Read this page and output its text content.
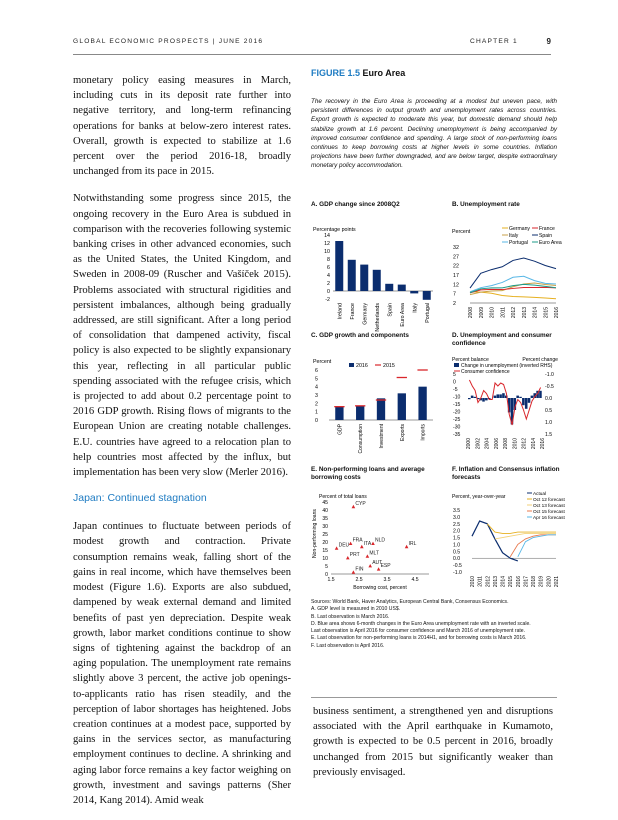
GLOBAL ECONOMIC PROSPECTS | JUNE 2016	CHAPTER 1	9

monetary policy easing measures in March, including cuts in its deposit rate further into negative territory, and long-term refinancing operations for banks at below-zero interest rates. Overall, growth is expected to stabilize at 1.6 percent over the period 2016-18, broadly unchanged from its pace in 2015.

Notwithstanding some progress since 2015, the ongoing recovery in the Euro Area is subdued in comparison with the recoveries following systemic banking crises in other advanced economies, such as the United States, the United Kingdom, and Sweden in 2008-09 (Ruscher and Vašíček 2015). Problems associated with structural rigidities and persistent imbalances, although being gradually addressed, are still significant. After a long period of consolidation that dampened activity, fiscal policy is also expected to be slightly expansionary this year, reflecting in all particular public spending associated with the refugee crisis, which is projected to add about 0.2 percentage point to 2016 GDP growth. Rising flows of migrants to the European Union are creating notable challenges. E.U. countries have agreed to a relocation plan to help countries most affected by the influx, but implementation has been very slow (Merler 2016).

Japan: Continued stagnation

Japan continues to fluctuate between periods of modest growth and contraction. Private consumption remains weak, falling short of the gains in real income, which have themselves been modest (Figure 1.6). Exports are also subdued, dampened by weak external demand and limited benefits of past yen depreciation. Despite weak growth, labor market conditions continue to show signs of tightening against the backdrop of an aging population. The unemployment rate remains slightly above 3 percent, the active job openings-to-applicants ratio has risen steadily, and the perception of labor shortages has heightened. Jobs creation continues at a modest pace, supported by gains in the services sector, as manufacturing employment continues to decline. A shrinking and aging labor force remains a key factor weighing on growth, investment and savings patterns (Sher 2014, Kang 2014). Amid weak

FIGURE 1.5 Euro Area
The recovery in the Euro Area is proceeding at a modest but uneven pace, with persistent differences in output growth and unemployment rates across countries. Export growth is expected to moderate this year, but domestic demand should help stabilize growth at 1.6 percent. Declining unemployment is being accompanied by improved consumer confidence and spending. A large stock of non-performing loans continues to keep borrowing costs at higher levels in some countries. Inflation projections have been further downgraded, and are below target, despite extraordinary monetary policy accommodation.
A. GDP change since 2008Q2	B. Unemployment rate
C. GDP growth and components	D. Unemployment and consumer confidence
E. Non-performing loans and average borrowing costs
F. Inflation and Consensus inflation forecasts
Percentage points
14
12
10
8
6
4
2
0
-2
Ireland France Germany Netherlands Spain Euro Area Italy Portugal
Percent	Germany
Italy
Portugal
France
Spain
Euro Area
32
27
22
17
12
7
2
2008 2009 2010 2011 2012 2013 2014 2015 2016
Percent
2016	2015
6
5
4
3
2
1
0
GDP	Consumption	Investment	Exports	Imports
Percent balance	Percent change
Change in unemployment (inverted RHS)
Consumer confidence
5
0
-5
-10
-15
-20
-25
-30
-35
-1.0
-0.5
0.0
0.5
1.0
1.5
2000 2002 2004 2006 2008 2010 2012 2014 2016
Percent of total loans
Non-performing loans
45
40
35
30
25
20
15
10
5
0
1.5	2.5	3.5	4.5
Borrowing cost, percent
CYP
IRL
FRA
ITA
NLD
DEU
MLT
PRT
AUT
ESP
FIN
Percent, year-over-year
Actual
Oct 12 forecast
Oct 13 forecast
Oct 15 forecast
Apr 16 forecast
3.5
3.0
2.5
2.0
1.5
1.0
0.5
0.0
-0.5
-1.0
2010 2011 2012 2013 2014 2015 2016 2017 2018 2019 2020 2021
Sources: World Bank, Haver Analytics, European Central Bank, Consensus Economics.
A. GDP level is measured in 2010 US$.
B. Last observation is March 2016.
D. Blue area shows 6-month changes in the Euro Area unemployment rate with an inverted scale.
Last observation is April 2016 for consumer confidence and March 2016 of unemployment rate.
E. Last observation for non-performing loans is 2014H1, and for borrowing costs is March 2016.
F. Last observation is April 2016.

business sentiment, a strengthened yen and disruptions associated with the April earthquake in Kumamoto, growth is expected to be 0.5 percent in 2016, broadly unchanged from 2015 but significantly weaker than previously envisaged.
